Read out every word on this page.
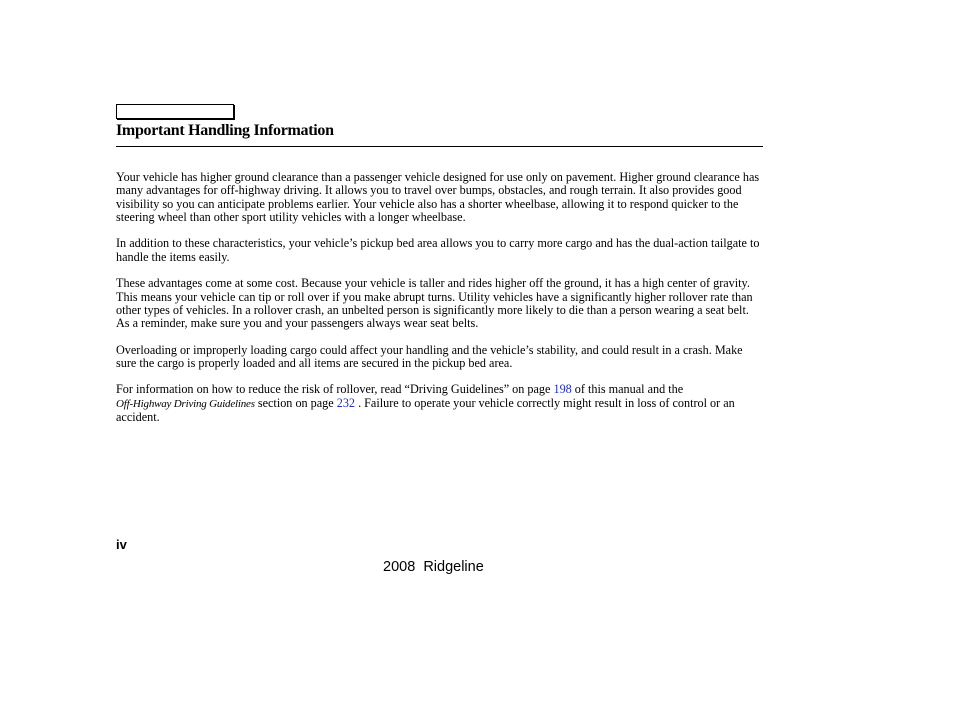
Important Handling Information

Your vehicle has higher ground clearance than a passenger vehicle designed for use only on pavement. Higher ground clearance has many advantages for off-highway driving. It allows you to travel over bumps, obstacles, and rough terrain. It also provides good visibility so you can anticipate problems earlier. Your vehicle also has a shorter wheelbase, allowing it to respond quicker to the steering wheel than other sport utility vehicles with a longer wheelbase.

In addition to these characteristics, your vehicle’s pickup bed area allows you to carry more cargo and has the dual-action tailgate to handle the items easily.

These advantages come at some cost. Because your vehicle is taller and rides higher off the ground, it has a high center of gravity. This means your vehicle can tip or roll over if you make abrupt turns. Utility vehicles have a significantly higher rollover rate than other types of vehicles. In a rollover crash, an unbelted person is significantly more likely to die than a person wearing a seat belt. As a reminder, make sure you and your passengers always wear seat belts.

Overloading or improperly loading cargo could affect your handling and the vehicle’s stability, and could result in a crash. Make sure the cargo is properly loaded and all items are secured in the pickup bed area.

For information on how to reduce the risk of rollover, read “Driving Guidelines” on page 198 of this manual and the
Off-Highway Driving Guidelines section on page 232 . Failure to operate your vehicle correctly might result in loss of control or an accident.

iv
2008  Ridgeline
